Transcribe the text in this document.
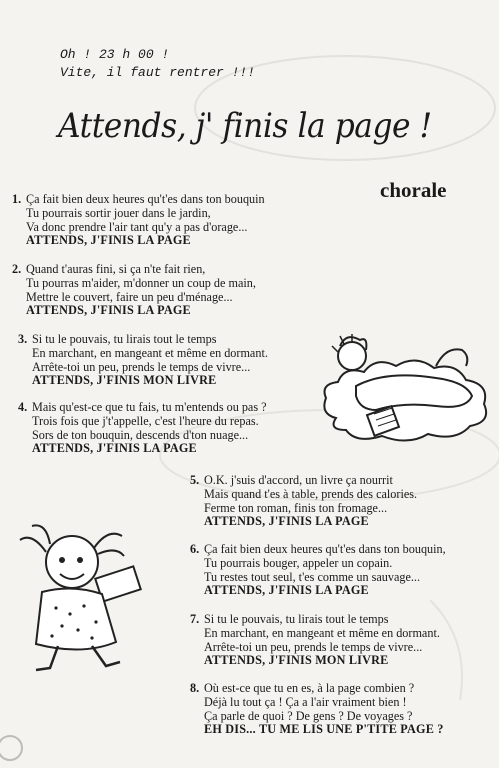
Oh ! 23 h 00 !
Vite, il faut rentrer !!!
Attends, j' finis la page !
chorale
1. Ça fait bien deux heures qu't'es dans ton bouquin
Tu pourrais sortir jouer dans le jardin,
Va donc prendre l'air tant qu'y a pas d'orage...
ATTENDS, J'FINIS LA PAGE
2. Quand t'auras fini, si ça n'te fait rien,
Tu pourras m'aider, m'donner un coup de main,
Mettre le couvert, faire un peu d'ménage...
ATTENDS, J'FINIS LA PAGE
3. Si tu le pouvais, tu lirais tout le temps
En marchant, en mangeant et même en dormant.
Arrête-toi un peu, prends le temps de vivre...
ATTENDS, J'FINIS MON LIVRE
4. Mais qu'est-ce que tu fais, tu m'entends ou pas ?
Trois fois que j't'appelle, c'est l'heure du repas.
Sors de ton bouquin, descends d'ton nuage...
ATTENDS, J'FINIS LA PAGE
5. O.K. j'suis d'accord, un livre ça nourrit
Mais quand t'es à table, prends des calories.
Ferme ton roman, finis ton fromage...
ATTENDS, J'FINIS LA PAGE
6. Ça fait bien deux heures qu't'es dans ton bouquin,
Tu pourrais bouger, appeler un copain.
Tu restes tout seul, t'es comme un sauvage...
ATTENDS, J'FINIS LA PAGE
7. Si tu le pouvais, tu lirais tout le temps
En marchant, en mangeant et même en dormant.
Arrête-toi un peu, prends le temps de vivre...
ATTENDS, J'FINIS MON LIVRE
8. Où est-ce que tu en es, à la page combien ?
Déjà lu tout ça ! Ça a l'air vraiment bien !
Ça parle de quoi ? De gens ? De voyages ?
EH DIS... TU ME LIS UNE P'TITE PAGE ?
